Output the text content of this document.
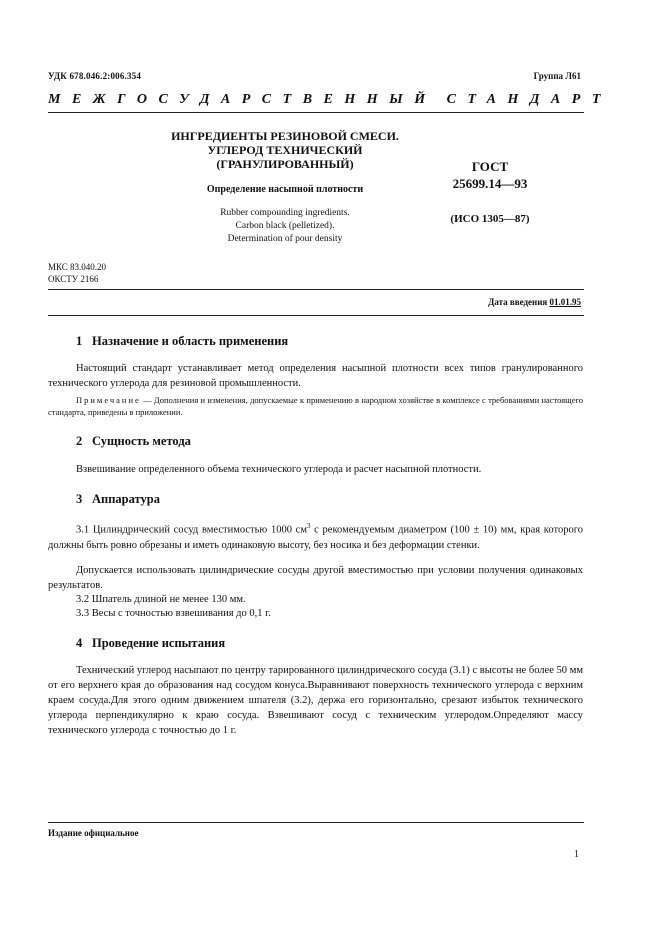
УДК 678.046.2:006.354	Группа Л61
МЕЖГОСУДАРСТВЕННЫЙ СТАНДАРТ
ИНГРЕДИЕНТЫ РЕЗИНОВОЙ СМЕСИ.
УГЛЕРОД ТЕХНИЧЕСКИЙ
(ГРАНУЛИРОВАННЫЙ)
Определение насыпной плотности
Rubber compounding ingredients.
Carbon black (pelletized).
Determination of pour density
ГОСТ
25699.14—93
(ИСО 1305—87)
МКС 83.040.20
ОКСТУ 2166
Дата введения 01.01.95
1 Назначение и область применения
Настоящий стандарт устанавливает метод определения насыпной плотности всех типов гранулированного технического углерода для резиновой промышленности.
Примечание — Дополнения и изменения, допускаемые к применению в народном хозяйстве в комплексе с требованиями настоящего стандарта, приведены в приложении.
2 Сущность метода
Взвешивание определенного объема технического углерода и расчет насыпной плотности.
3 Аппаратура
3.1 Цилиндрический сосуд вместимостью 1000 $см^3$ с рекомендуемым диаметром (100 ± 10) мм, края которого должны быть ровно обрезаны и иметь одинаковую высоту, без носика и без деформации стенки.
Допускается использовать цилиндрические сосуды другой вместимостью при условии получения одинаковых результатов.
3.2 Шпатель длиной не менее 130 мм.
3.3 Весы с точностью взвешивания до 0,1 г.
4 Проведение испытания
Технический углерод насыпают по центру тарированного цилиндрического сосуда (3.1) с высоты не более 50 мм от его верхнего края до образования над сосудом конуса.Выравнивают поверхность технического углерода с верхним краем сосуда.Для этого одним движением шпателя (3.2), держа его горизонтально, срезают избыток технического углерода перпендикулярно к краю сосуда. Взвешивают сосуд с техническим углеродом.Определяют массу технического углерода с точностью до 1 г.
Издание официальное
1
